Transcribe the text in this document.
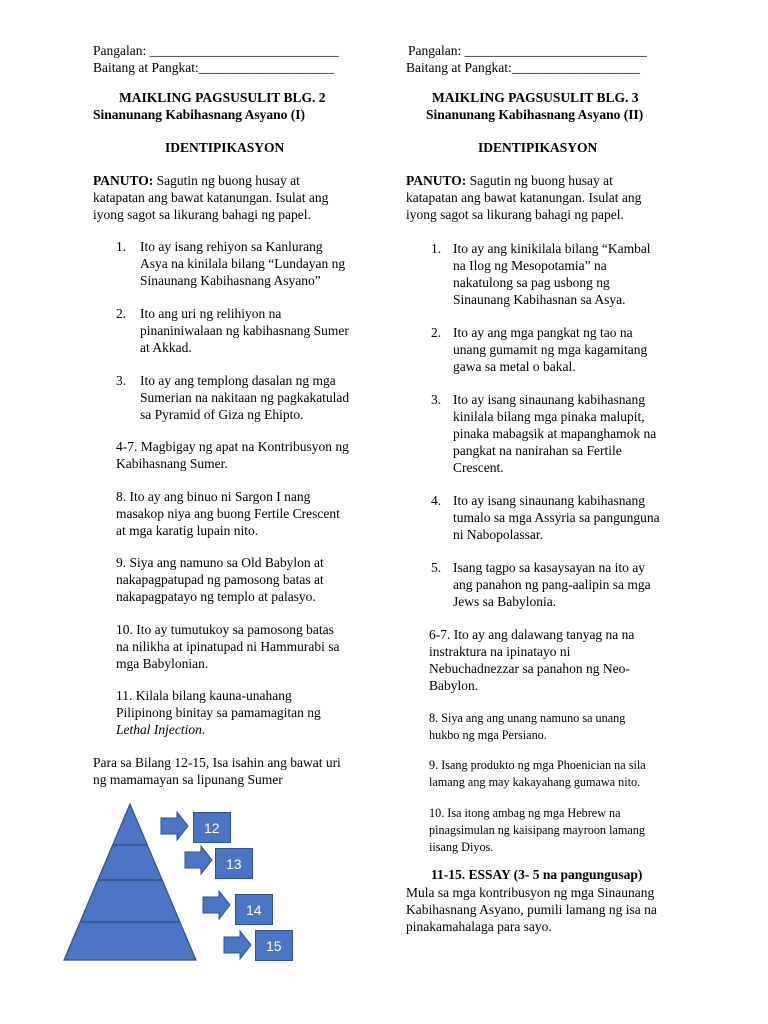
Pangalan: ____________________________
Baitang at Pangkat:____________________
MAIKLING PAGSUSULIT BLG. 2
Sinanunang Kabihasnang Asyano (I)
IDENTIPIKASYON
PANUTO: Sagutin ng buong husay at
katapatan ang bawat katanungan. Isulat ang
iyong sagot sa likurang bahagi ng papel.
1. Ito ay isang rehiyon sa Kanlurang
Asya na kinilala bilang “Lundayan ng
Sinaunang Kabihasnang Asyano”
2. Ito ang uri ng relihiyon na
pinaniniwalaan ng kabihasnang Sumer
at Akkad.
3. Ito ay ang templong dasalan ng mga
Sumerian na nakitaan ng pagkakatulad
sa Pyramid of Giza ng Ehipto.
4-7. Magbigay ng apat na Kontribusyon ng
Kabihasnang Sumer.
8. Ito ay ang binuo ni Sargon I nang
masakop niya ang buong Fertile Crescent
at mga karatig lupain nito.
9. Siya ang namuno sa Old Babylon at
nakapagpatupad ng pamosong batas at
nakapagpatayo ng templo at palasyo.
10. Ito ay tumutukoy sa pamosong batas
na nilikha at ipinatupad ni Hammurabi sa
mga Babylonian.
11. Kilala bilang kauna-unahang
Pilipinong binitay sa pamamagitan ng
Lethal Injection.
Para sa Bilang 12-15, Isa isahin ang bawat uri
ng mamamayan sa lipunang Sumer
12
13
14
15
Pangalan: ___________________________
Baitang at Pangkat:___________________
MAIKLING PAGSUSULIT BLG. 3
Sinanunang Kabihasnang Asyano (II)
IDENTIPIKASYON
PANUTO: Sagutin ng buong husay at
katapatan ang bawat katanungan. Isulat ang
iyong sagot sa likurang bahagi ng papel.
1. Ito ay ang kinikilala bilang “Kambal
na Ilog ng Mesopotamia” na
nakatulong sa pag usbong ng
Sinaunang Kabihasnan sa Asya.
2. Ito ay ang mga pangkat ng tao na
unang gumamit ng mga kagamitang
gawa sa metal o bakal.
3. Ito ay isang sinaunang kabihasnang
kinilala bilang mga pinaka malupit,
pinaka mabagsik at mapanghamok na
pangkat na nanirahan sa Fertile
Crescent.
4. Ito ay isang sinaunang kabihasnang
tumalo sa mga Assyria sa pangunguna
ni Nabopolassar.
5. Isang tagpo sa kasaysayan na ito ay
ang panahon ng pang-aalipin sa mga
Jews sa Babylonia.
6-7. Ito ay ang dalawang tanyag na na
instraktura na ipinatayo ni
Nebuchadnezzar sa panahon ng Neo-
Babylon.
8. Siya ang ang unang namuno sa unang
hukbo ng mga Persiano.
9. Isang produkto ng mga Phoenician na sila
lamang ang may kakayahang gumawa nito.
10. Isa itong ambag ng mga Hebrew na
pinagsimulan ng kaisipang mayroon lamang
iisang Diyos.
11-15. ESSAY (3- 5 na pangungusap)
Mula sa mga kontribusyon ng mga Sinaunang
Kabihasnang Asyano, pumili lamang ng isa na
pinakamahalaga para sayo.
